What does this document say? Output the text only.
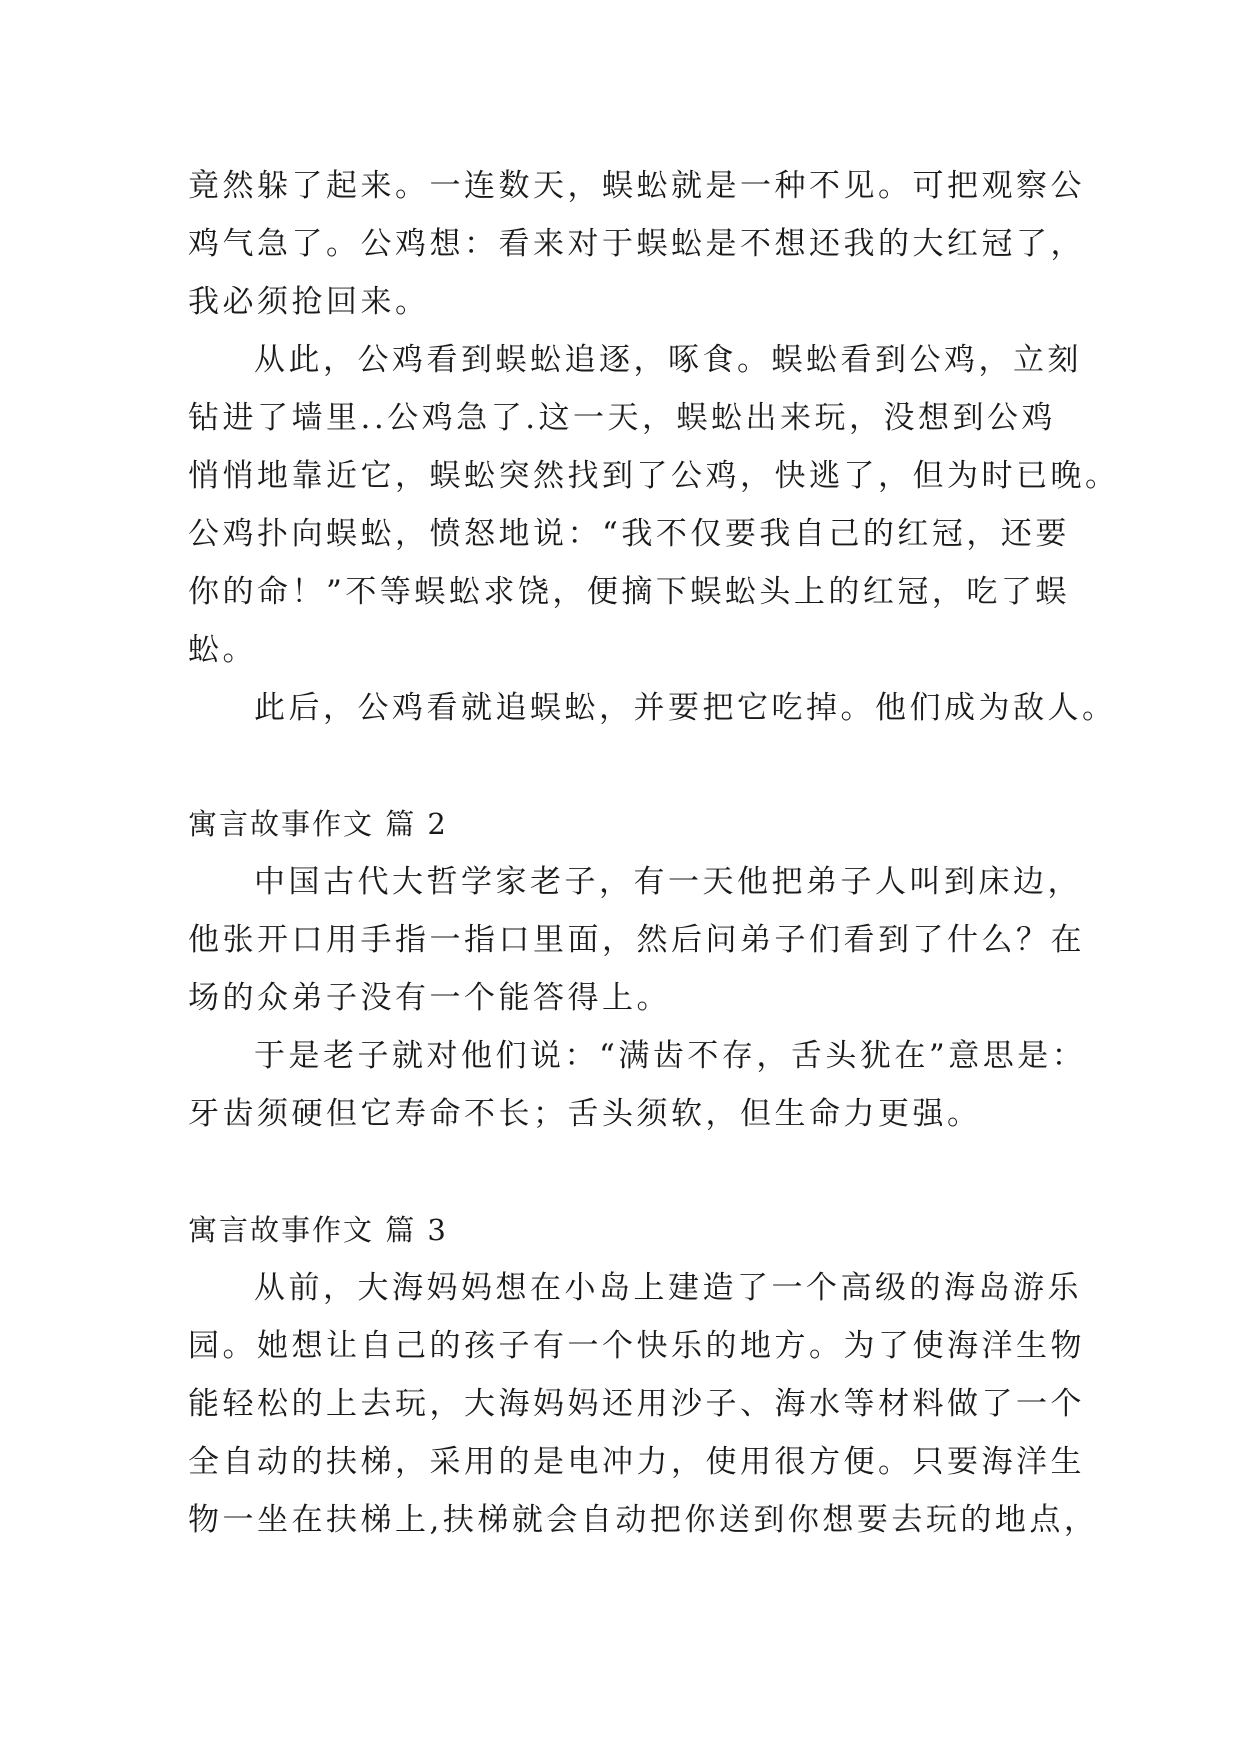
竟然躲了起来。一连数天，蜈蚣就是一种不见。可把观察公
鸡气急了。公鸡想：看来对于蜈蚣是不想还我的大红冠了，
我必须抢回来。
从此，公鸡看到蜈蚣追逐，啄食。蜈蚣看到公鸡，立刻
钻进了墙里..公鸡急了.这一天，蜈蚣出来玩，没想到公鸡
悄悄地靠近它，蜈蚣突然找到了公鸡，快逃了，但为时已晚。
公鸡扑向蜈蚣，愤怒地说：“我不仅要我自己的红冠，还要
你的命！”不等蜈蚣求饶，便摘下蜈蚣头上的红冠，吃了蜈
蚣。
此后，公鸡看就追蜈蚣，并要把它吃掉。他们成为敌人。
寓言故事作文 篇 2
中国古代大哲学家老子，有一天他把弟子人叫到床边，
他张开口用手指一指口里面，然后问弟子们看到了什么？在
场的众弟子没有一个能答得上。
于是老子就对他们说：“满齿不存，舌头犹在”意思是：
牙齿须硬但它寿命不长；舌头须软，但生命力更强。
寓言故事作文 篇 3
从前，大海妈妈想在小岛上建造了一个高级的海岛游乐
园。她想让自己的孩子有一个快乐的地方。为了使海洋生物
能轻松的上去玩，大海妈妈还用沙子、海水等材料做了一个
全自动的扶梯，采用的是电冲力，使用很方便。只要海洋生
物一坐在扶梯上,扶梯就会自动把你送到你想要去玩的地点，
